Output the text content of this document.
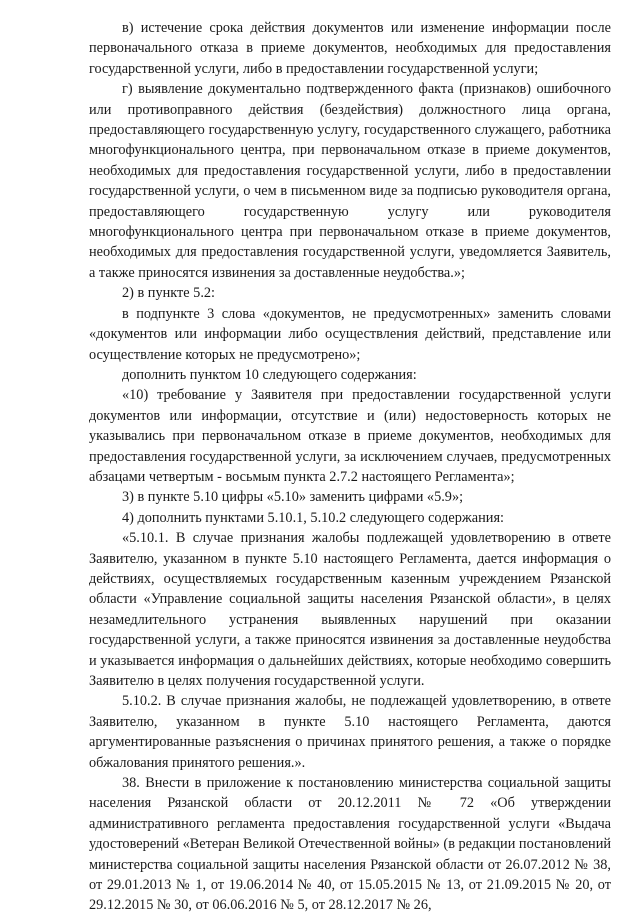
в) истечение срока действия документов или изменение информации после первоначального отказа в приеме документов, необходимых для предоставления государственной услуги, либо в предоставлении государственной услуги;

г) выявление документально подтвержденного факта (признаков) ошибочного или противоправного действия (бездействия) должностного лица органа, предоставляющего государственную услугу, государственного служащего, работника многофункционального центра, при первоначальном отказе в приеме документов, необходимых для предоставления государственной услуги, либо в предоставлении государственной услуги, о чем в письменном виде за подписью руководителя органа, предоставляющего государственную услугу или руководителя многофункционального центра при первоначальном отказе в приеме документов, необходимых для предоставления государственной услуги, уведомляется Заявитель, а также приносятся извинения за доставленные неудобства.»;

2) в пункте 5.2:

в подпункте 3 слова «документов, не предусмотренных» заменить словами «документов или информации либо осуществления действий, представление или осуществление которых не предусмотрено»;

дополнить пунктом 10 следующего содержания:

«10) требование у Заявителя при предоставлении государственной услуги документов или информации, отсутствие и (или) недостоверность которых не указывались при первоначальном отказе в приеме документов, необходимых для предоставления государственной услуги, за исключением случаев, предусмотренных абзацами четвертым - восьмым пункта 2.7.2 настоящего Регламента»;

3) в пункте 5.10 цифры «5.10» заменить цифрами «5.9»;

4) дополнить пунктами 5.10.1, 5.10.2 следующего содержания:

«5.10.1. В случае признания жалобы подлежащей удовлетворению в ответе Заявителю, указанном в пункте 5.10 настоящего Регламента, дается информация о действиях, осуществляемых государственным казенным учреждением Рязанской области «Управление социальной защиты населения Рязанской области», в целях незамедлительного устранения выявленных нарушений при оказании государственной услуги, а также приносятся извинения за доставленные неудобства и указывается информация о дальнейших действиях, которые необходимо совершить Заявителю в целях получения государственной услуги.

5.10.2. В случае признания жалобы, не подлежащей удовлетворению, в ответе Заявителю, указанном в пункте 5.10 настоящего Регламента, даются аргументированные разъяснения о причинах принятого решения, а также о порядке обжалования принятого решения.».

38. Внести в приложение к постановлению министерства социальной защиты населения Рязанской области от 20.12.2011 № 72 «Об утверждении административного регламента предоставления государственной услуги «Выдача удостоверений «Ветеран Великой Отечественной войны» (в редакции постановлений министерства социальной защиты населения Рязанской области от 26.07.2012 № 38, от 29.01.2013 № 1, от 19.06.2014 № 40, от 15.05.2015 № 13, от 21.09.2015 № 20, от 29.12.2015 № 30, от 06.06.2016 № 5, от 28.12.2017 № 26,
